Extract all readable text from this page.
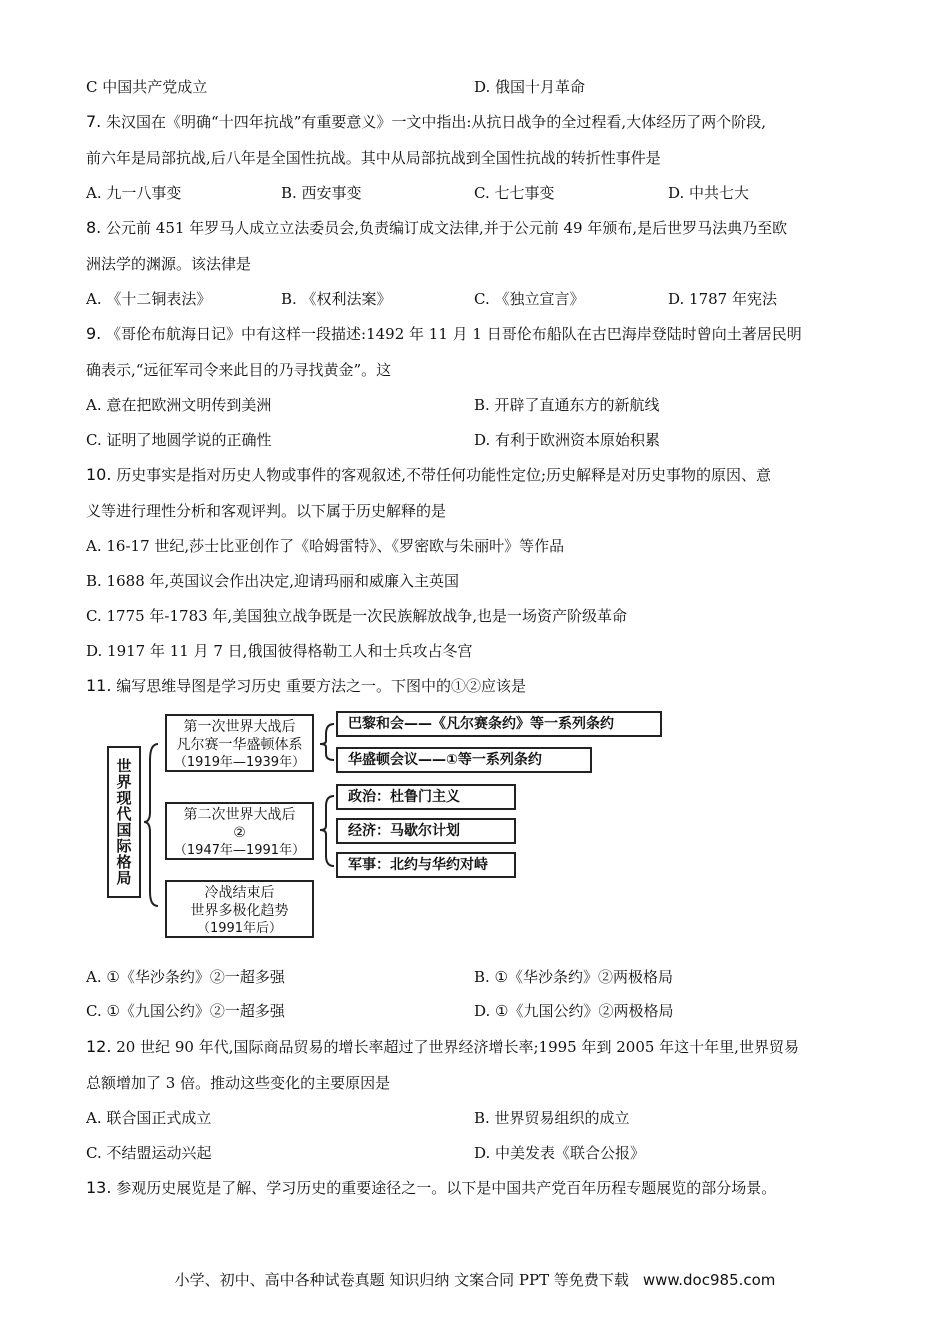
C 中国共产党成立	D. 俄国十月革命
7. 朱汉国在《明确“十四年抗战”有重要意义》一文中指出:从抗日战争的全过程看,大体经历了两个阶段,
前六年是局部抗战,后八年是全国性抗战。其中从局部抗战到全国性抗战的转折性事件是
A. 九一八事变	B. 西安事变	C. 七七事变	D. 中共七大
8. 公元前 451 年罗马人成立立法委员会,负责编订成文法律,并于公元前 49 年颁布,是后世罗马法典乃至欧
洲法学的渊源。该法律是
A. 《十二铜表法》	B. 《权利法案》	C. 《独立宣言》	D. 1787 年宪法
9. 《哥伦布航海日记》中有这样一段描述:1492 年 11 月 1 日哥伦布船队在古巴海岸登陆时曾向土著居民明
确表示,“远征军司令来此目的乃寻找黄金”。这
A. 意在把欧洲文明传到美洲	B. 开辟了直通东方的新航线
C. 证明了地圆学说的正确性	D. 有利于欧洲资本原始积累
10. 历史事实是指对历史人物或事件的客观叙述,不带任何功能性定位;历史解释是对历史事物的原因、意
义等进行理性分析和客观评判。以下属于历史解释的是
A. 16-17 世纪,莎士比亚创作了《哈姆雷特》、《罗密欧与朱丽叶》等作品
B. 1688 年,英国议会作出决定,迎请玛丽和威廉入主英国
C. 1775 年-1783 年,美国独立战争既是一次民族解放战争,也是一场资产阶级革命
D. 1917 年 11 月 7 日,俄国彼得格勒工人和士兵攻占冬宫
11. 编写思维导图是学习历史 重要方法之一。下图中的①②应该是
世界现代国际格局
第一次世界大战后
凡尔赛一华盛顿体系
（1919年—1939年）
巴黎和会——《凡尔赛条约》等一系列条约
华盛顿会议——①等一系列条约
第二次世界大战后
②
（1947年—1991年）
政治：杜鲁门主义
经济：马歇尔计划
军事：北约与华约对峙
冷战结束后
世界多极化趋势
（1991年后）
A. ①《华沙条约》②一超多强	B. ①《华沙条约》②两极格局
C. ①《九国公约》②一超多强	D. ①《九国公约》②两极格局
12. 20 世纪 90 年代,国际商品贸易的增长率超过了世界经济增长率;1995 年到 2005 年这十年里,世界贸易
总额增加了 3 倍。推动这些变化的主要原因是
A. 联合国正式成立	B. 世界贸易组织的成立
C. 不结盟运动兴起	D. 中美发表《联合公报》
13. 参观历史展览是了解、学习历史的重要途径之一。以下是中国共产党百年历程专题展览的部分场景。
小学、初中、高中各种试卷真题 知识归纳 文案合同 PPT 等免费下载 www.doc985.com
